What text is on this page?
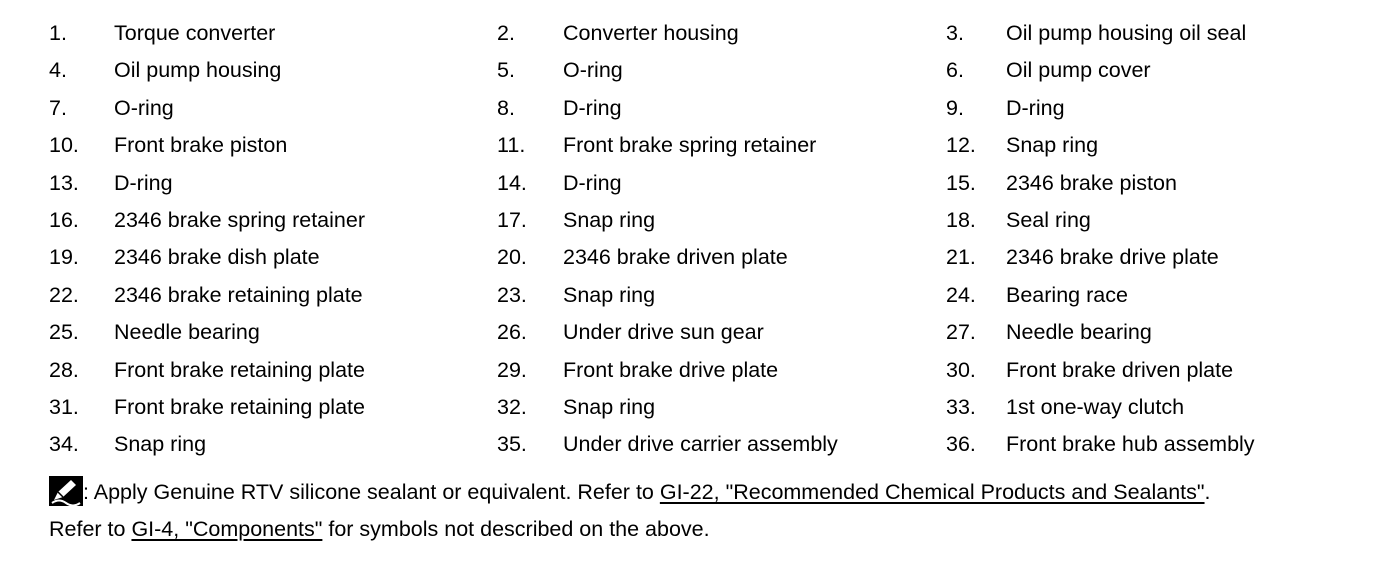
1.	Torque converter	2.	Converter housing	3.	Oil pump housing oil seal
4.	Oil pump housing	5.	O-ring	6.	Oil pump cover
7.	O-ring	8.	D-ring	9.	D-ring
10.	Front brake piston	11.	Front brake spring retainer	12.	Snap ring
13.	D-ring	14.	D-ring	15.	2346 brake piston
16.	2346 brake spring retainer	17.	Snap ring	18.	Seal ring
19.	2346 brake dish plate	20.	2346 brake driven plate	21.	2346 brake drive plate
22.	2346 brake retaining plate	23.	Snap ring	24.	Bearing race
25.	Needle bearing	26.	Under drive sun gear	27.	Needle bearing
28.	Front brake retaining plate	29.	Front brake drive plate	30.	Front brake driven plate
31.	Front brake retaining plate	32.	Snap ring	33.	1st one-way clutch
34.	Snap ring	35.	Under drive carrier assembly	36.	Front brake hub assembly
: Apply Genuine RTV silicone sealant or equivalent. Refer to GI-22, "Recommended Chemical Products and Sealants".
Refer to GI-4, "Components" for symbols not described on the above.
